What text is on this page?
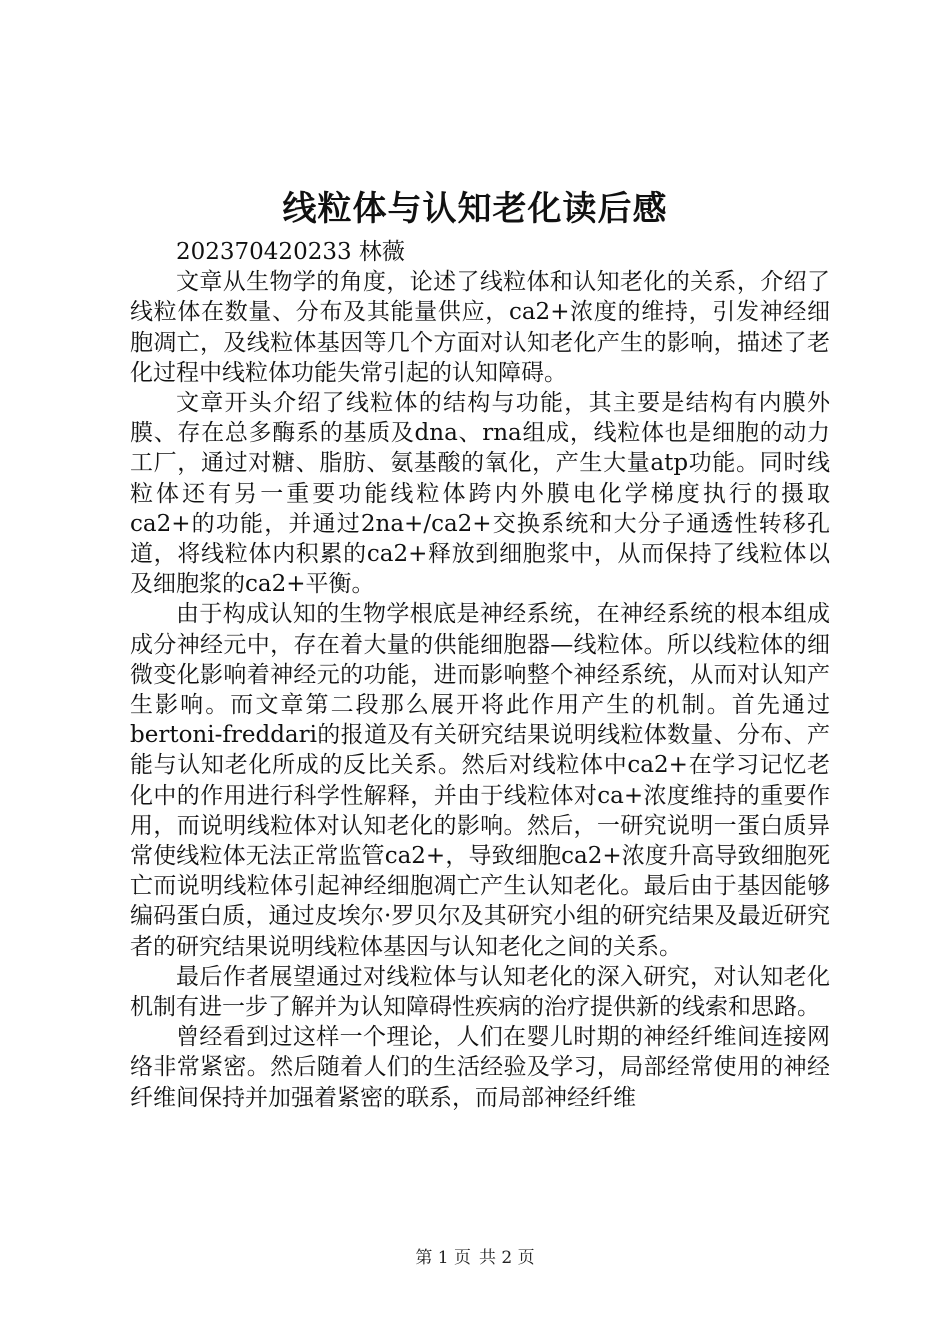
线粒体与认知老化读后感

202370420233 林薇

文章从生物学的角度，论述了线粒体和认知老化的关系，介绍了线粒体在数量、分布及其能量供应，ca2+浓度的维持，引发神经细胞凋亡，及线粒体基因等几个方面对认知老化产生的影响，描述了老化过程中线粒体功能失常引起的认知障碍。

文章开头介绍了线粒体的结构与功能，其主要是结构有内膜外膜、存在总多酶系的基质及dna、rna组成，线粒体也是细胞的动力工厂，通过对糖、脂肪、氨基酸的氧化，产生大量atp功能。同时线粒体还有另一重要功能线粒体跨内外膜电化学梯度执行的摄取ca2+的功能，并通过2na+/ca2+交换系统和大分子通透性转移孔道，将线粒体内积累的ca2+释放到细胞浆中，从而保持了线粒体以及细胞浆的ca2+平衡。

由于构成认知的生物学根底是神经系统，在神经系统的根本组成成分神经元中，存在着大量的供能细胞器—线粒体。所以线粒体的细微变化影响着神经元的功能，进而影响整个神经系统，从而对认知产生影响。而文章第二段那么展开将此作用产生的机制。首先通过bertoni-freddari的报道及有关研究结果说明线粒体数量、分布、产能与认知老化所成的反比关系。然后对线粒体中ca2+在学习记忆老化中的作用进行科学性解释，并由于线粒体对ca+浓度维持的重要作用，而说明线粒体对认知老化的影响。然后，一研究说明一蛋白质异常使线粒体无法正常监管ca2+，导致细胞ca2+浓度升高导致细胞死亡而说明线粒体引起神经细胞凋亡产生认知老化。最后由于基因能够编码蛋白质，通过皮埃尔·罗贝尔及其研究小组的研究结果及最近研究者的研究结果说明线粒体基因与认知老化之间的关系。

最后作者展望通过对线粒体与认知老化的深入研究，对认知老化机制有进一步了解并为认知障碍性疾病的治疗提供新的线索和思路。

曾经看到过这样一个理论，人们在婴儿时期的神经纤维间连接网络非常紧密。然后随着人们的生活经验及学习，局部经常使用的神经纤维间保持并加强着紧密的联系，而局部神经纤维

第 1 页 共 2 页
